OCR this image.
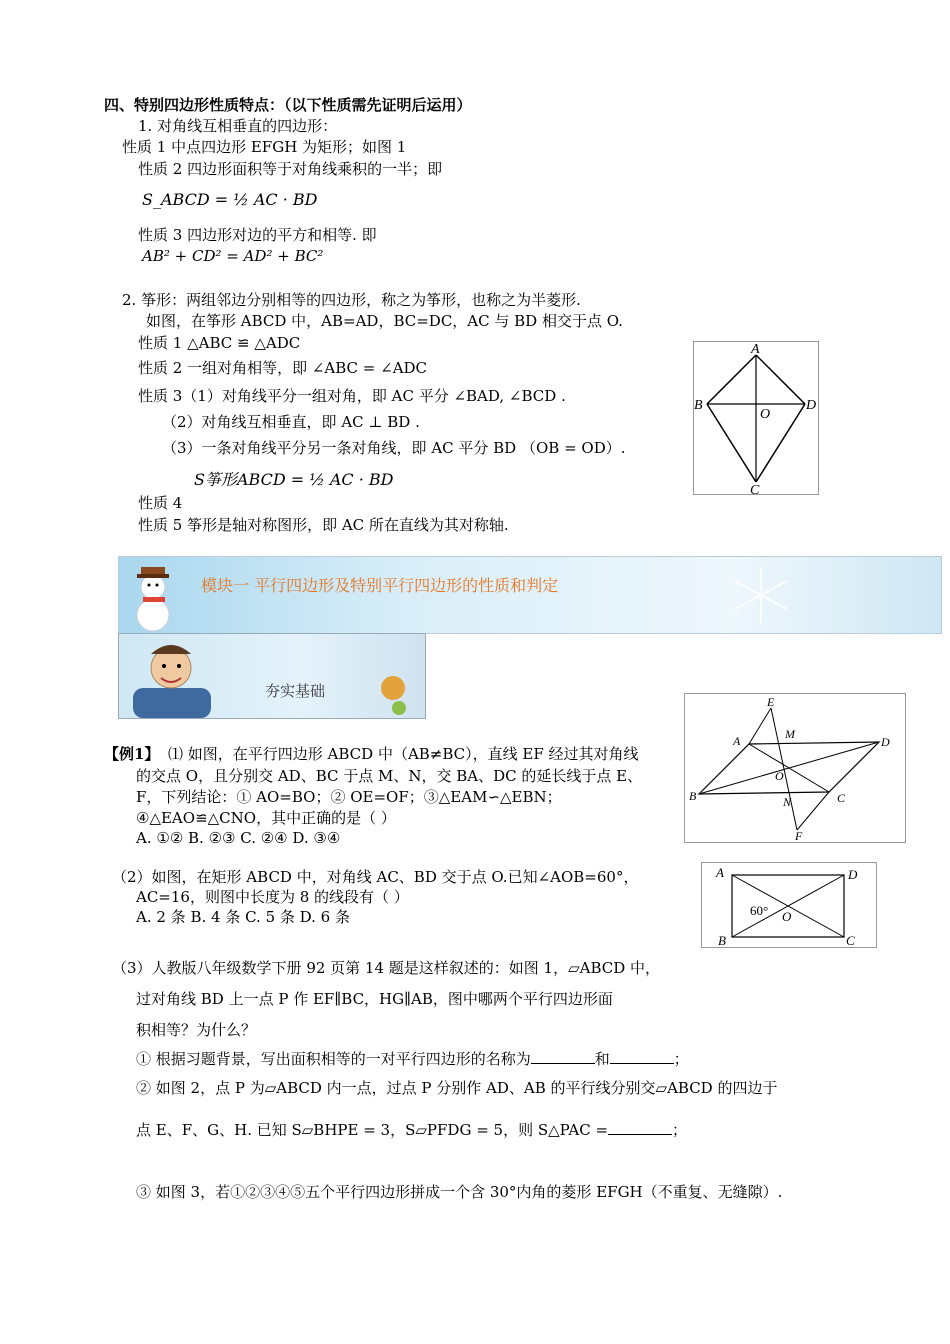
四、特别四边形性质特点：（以下性质需先证明后运用）
1. 对角线互相垂直的四边形：
性质 1 中点四边形 EFGH 为矩形；如图 1
性质 2 四边形面积等于对角线乘积的一半；即
S_ABCD = ½ AC · BD
性质 3 四边形对边的平方和相等. 即
AB² + CD² = AD² + BC²
2. 筝形：两组邻边分别相等的四边形，称之为筝形，也称之为半菱形.
如图，在筝形 ABCD 中，AB=AD，BC=DC，AC 与 BD 相交于点 O.
性质 1 △ABC ≌ △ADC
性质 2 一组对角相等，即 ∠ABC = ∠ADC
性质 3（1）对角线平分一组对角，即 AC 平分 ∠BAD, ∠BCD .
（2）对角线互相垂直，即 AC ⊥ BD .
（3）一条对角线平分另一条对角线，即 AC 平分 BD （OB = OD）.
S筝形ABCD = ½ AC · BD
性质 4
性质 5 筝形是轴对称图形，即 AC 所在直线为其对称轴.
A
B
O
D
C
模块一 平行四边形及特别平行四边形的性质和判定
夯实基础
【例1】 ⑴ 如图，在平行四边形 ABCD 中（AB≠BC），直线 EF 经过其对角线
的交点 O，且分别交 AD、BC 于点 M、N，交 BA、DC 的延长线于点 E、
F，下列结论：① AO=BO；② OE=OF；③△EAM∽△EBN；
④△EAO≌△CNO，其中正确的是（ ）
A. ①② B. ②③ C. ②④ D. ③④
E
A	M
D
O
B	N	C
F
（2）如图，在矩形 ABCD 中，对角线 AC、BD 交于点 O.已知∠AOB=60°，
AC=16，则图中长度为 8 的线段有（ ）
A. 2 条 B. 4 条 C. 5 条 D. 6 条
A	D
60° O
B	C
（3）人教版八年级数学下册 92 页第 14 题是这样叙述的：如图 1，▱ABCD 中，
过对角线 BD 上一点 P 作 EF∥BC，HG∥AB，图中哪两个平行四边形面
积相等？为什么？
① 根据习题背景，写出面积相等的一对平行四边形的名称为	和	；
② 如图 2，点 P 为▱ABCD 内一点，过点 P 分别作 AD、AB 的平行线分别交▱ABCD 的四边于
点 E、F、G、H. 已知 S▱BHPE = 3，S▱PFDG = 5，则 S△PAC =	；
③ 如图 3，若①②③④⑤五个平行四边形拼成一个含 30°内角的菱形 EFGH（不重复、无缝隙）.
